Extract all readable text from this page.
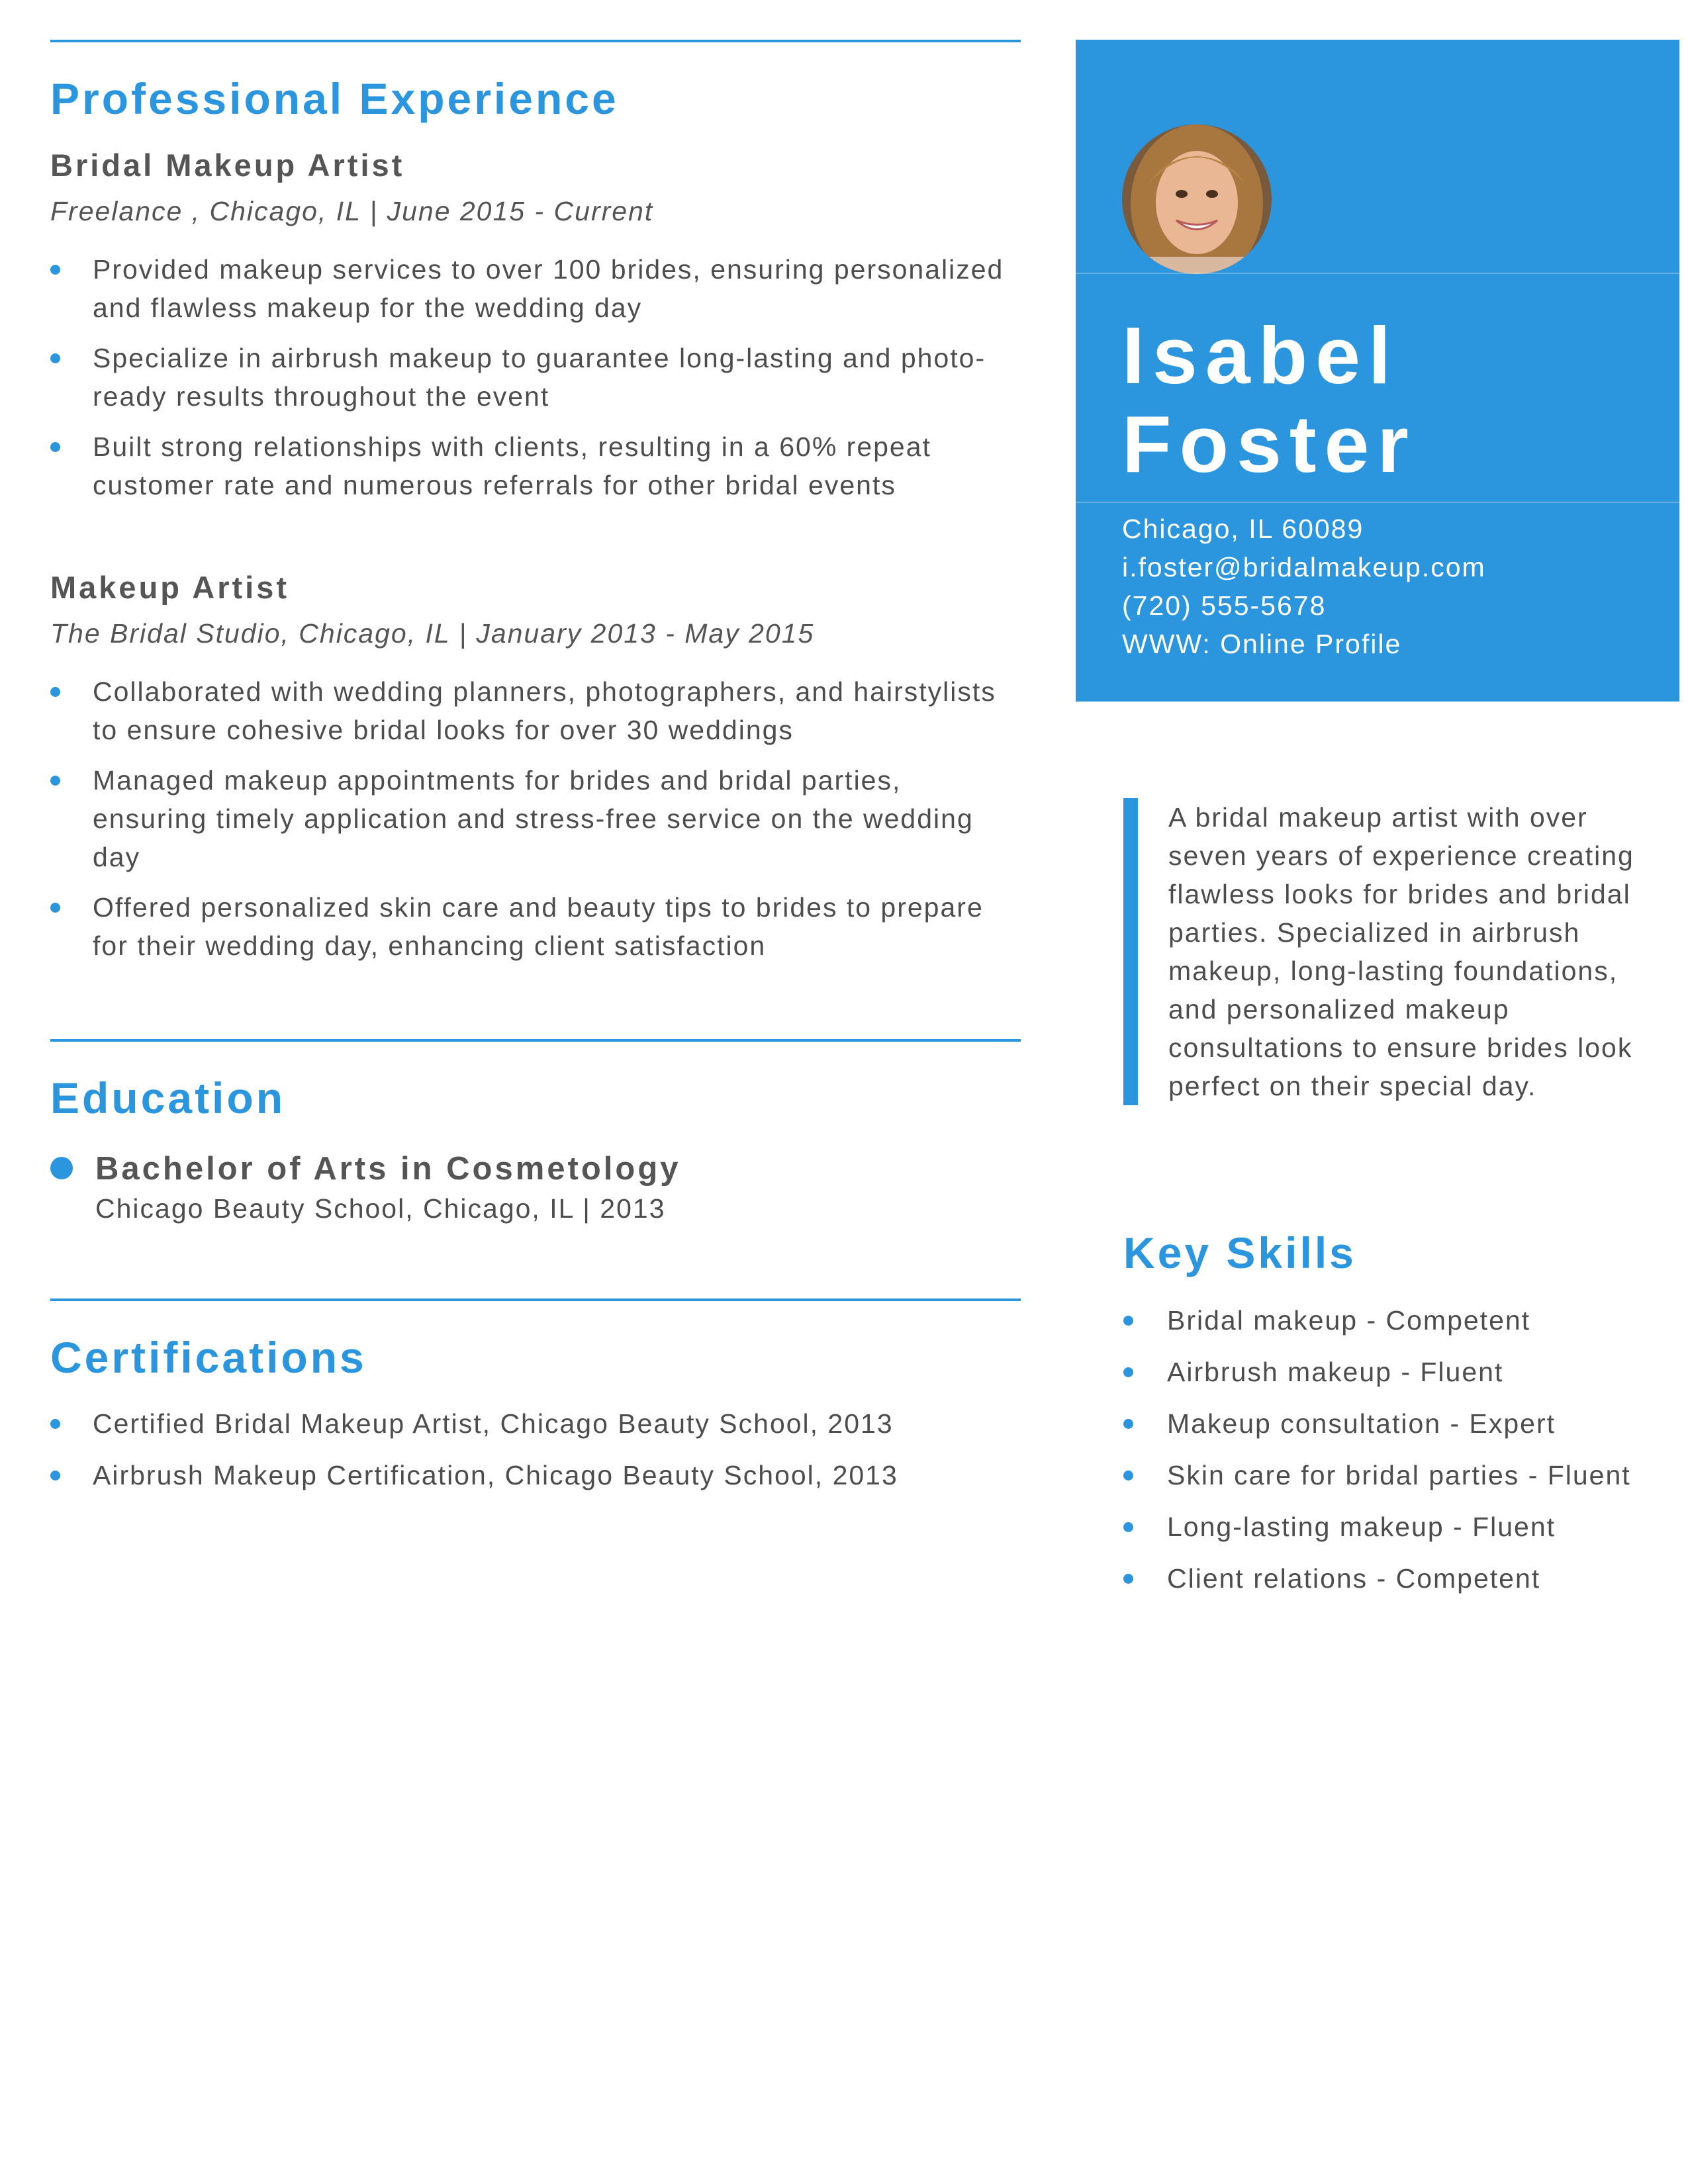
Professional Experience
Bridal Makeup Artist
Freelance , Chicago, IL | June 2015 - Current
Provided makeup services to over 100 brides, ensuring personalized and flawless makeup for the wedding day
Specialize in airbrush makeup to guarantee long-lasting and photo-ready results throughout the event
Built strong relationships with clients, resulting in a 60% repeat customer rate and numerous referrals for other bridal events
Makeup Artist
The Bridal Studio, Chicago, IL | January 2013 - May 2015
Collaborated with wedding planners, photographers, and hairstylists to ensure cohesive bridal looks for over 30 weddings
Managed makeup appointments for brides and bridal parties, ensuring timely application and stress-free service on the wedding day
Offered personalized skin care and beauty tips to brides to prepare for their wedding day, enhancing client satisfaction
Education
Bachelor of Arts in Cosmetology
Chicago Beauty School, Chicago, IL | 2013
Certifications
Certified Bridal Makeup Artist, Chicago Beauty School, 2013
Airbrush Makeup Certification, Chicago Beauty School, 2013
Isabel
Foster
Chicago, IL 60089
i.foster@bridalmakeup.com
(720) 555-5678
WWW: Online Profile
A bridal makeup artist with over seven years of experience creating flawless looks for brides and bridal parties. Specialized in airbrush makeup, long-lasting foundations, and personalized makeup consultations to ensure brides look perfect on their special day.
Key Skills
Bridal makeup - Competent
Airbrush makeup - Fluent
Makeup consultation - Expert
Skin care for bridal parties - Fluent
Long-lasting makeup - Fluent
Client relations - Competent
